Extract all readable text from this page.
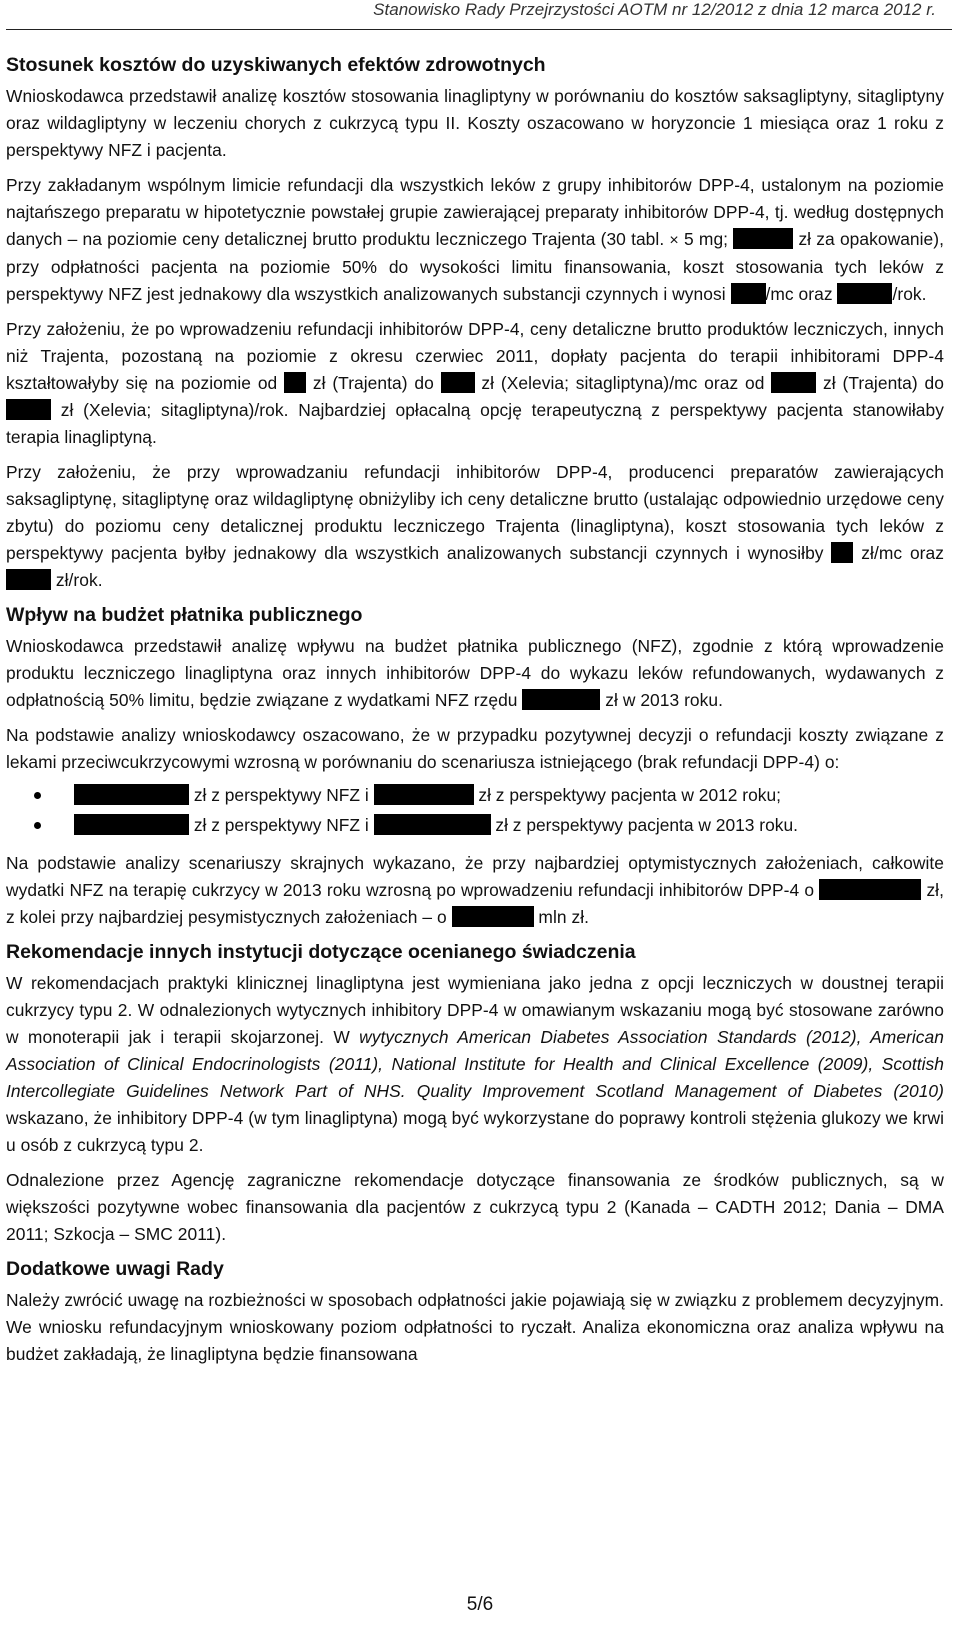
Stanowisko Rady Przejrzystości AOTM nr 12/2012 z dnia 12 marca 2012 r.
Stosunek kosztów do uzyskiwanych efektów zdrowotnych

Wnioskodawca przedstawił analizę kosztów stosowania linagliptyny w porównaniu do kosztów saksagliptyny, sitagliptyny oraz wildagliptyny w leczeniu chorych z cukrzycą typu II. Koszty oszacowano w horyzoncie 1 miesiąca oraz 1 roku z perspektywy NFZ i pacjenta.

Przy zakładanym wspólnym limicie refundacji dla wszystkich leków z grupy inhibitorów DPP-4, ustalonym na poziomie najtańszego preparatu w hipotetycznie powstałej grupie zawierającej preparaty inhibitorów DPP-4, tj. według dostępnych danych – na poziomie ceny detalicznej brutto produktu leczniczego Trajenta (30 tabl. × 5 mg;	zł za opakowanie), przy odpłatności pacjenta na poziomie 50% do wysokości limitu finansowania, koszt stosowania tych leków z perspektywy NFZ jest jednakowy dla wszystkich analizowanych substancji czynnych i wynosi /mc oraz	/rok.

Przy założeniu, że po wprowadzeniu refundacji inhibitorów DPP-4, ceny detaliczne brutto produktów leczniczych, innych niż Trajenta, pozostaną na poziomie z okresu czerwiec 2011, dopłaty pacjenta do terapii inhibitorami DPP-4 kształtowałyby się na poziomie od  zł (Trajenta) do  zł (Xelevia; sitagliptyna)/mc oraz od	zł (Trajenta) do  zł (Xelevia; sitagliptyna)/rok. Najbardziej opłacalną opcję terapeutyczną z perspektywy pacjenta stanowiłaby terapia linagliptyną.

Przy założeniu, że przy wprowadzaniu refundacji inhibitorów DPP-4, producenci preparatów zawierających saksagliptynę, sitagliptynę oraz wildagliptynę obniżyliby ich ceny detaliczne brutto (ustalając odpowiednio urzędowe ceny zbytu) do poziomu ceny detalicznej produktu leczniczego Trajenta (linagliptyna), koszt stosowania tych leków z perspektywy pacjenta byłby jednakowy dla wszystkich analizowanych substancji czynnych i wynosiłby  zł/mc oraz  zł/rok.

Wpływ na budżet płatnika publicznego

Wnioskodawca przedstawił analizę wpływu na budżet płatnika publicznego (NFZ), zgodnie z którą wprowadzenie produktu leczniczego linagliptyna oraz innych inhibitorów DPP-4 do wykazu leków refundowanych, wydawanych z odpłatnością 50% limitu, będzie związane z wydatkami NFZ rzędu	zł w 2013 roku.

Na podstawie analizy wnioskodawcy oszacowano, że w przypadku pozytywnej decyzji o refundacji koszty związane z lekami przeciwcukrzycowymi wzrosną w porównaniu do scenariusza istniejącego (brak refundacji DPP-4) o:

zł z perspektywy NFZ i	zł z perspektywy pacjenta w 2012 roku;
zł z perspektywy NFZ i	zł z perspektywy pacjenta w 2013 roku.

Na podstawie analizy scenariuszy skrajnych wykazano, że przy najbardziej optymistycznych założeniach, całkowite wydatki NFZ na terapię cukrzycy w 2013 roku wzrosną po wprowadzeniu refundacji inhibitorów DPP-4 o	zł, z kolei przy najbardziej pesymistycznych założeniach – o	mln zł.

Rekomendacje innych instytucji dotyczące ocenianego świadczenia

W rekomendacjach praktyki klinicznej linagliptyna jest wymieniana jako jedna z opcji leczniczych w doustnej terapii cukrzycy typu 2. W odnalezionych wytycznych inhibitory DPP-4 w omawianym wskazaniu mogą być stosowane zarówno w monoterapii jak i terapii skojarzonej. W wytycznych American Diabetes Association Standards (2012), American Association of Clinical Endocrinologists (2011), National Institute for Health and Clinical Excellence (2009), Scottish Intercollegiate Guidelines Network Part of NHS. Quality Improvement Scotland Management of Diabetes (2010) wskazano, że inhibitory DPP-4 (w tym linagliptyna) mogą być wykorzystane do poprawy kontroli stężenia glukozy we krwi u osób z cukrzycą typu 2.

Odnalezione przez Agencję zagraniczne rekomendacje dotyczące finansowania ze środków publicznych, są w większości pozytywne wobec finansowania dla pacjentów z cukrzycą typu 2 (Kanada – CADTH 2012; Dania – DMA 2011; Szkocja – SMC 2011).

Dodatkowe uwagi Rady

Należy zwrócić uwagę na rozbieżności w sposobach odpłatności jakie pojawiają się w związku z problemem decyzyjnym. We wniosku refundacyjnym wnioskowany poziom odpłatności to ryczałt. Analiza ekonomiczna oraz analiza wpływu na budżet zakładają, że linagliptyna będzie finansowana

5/6
